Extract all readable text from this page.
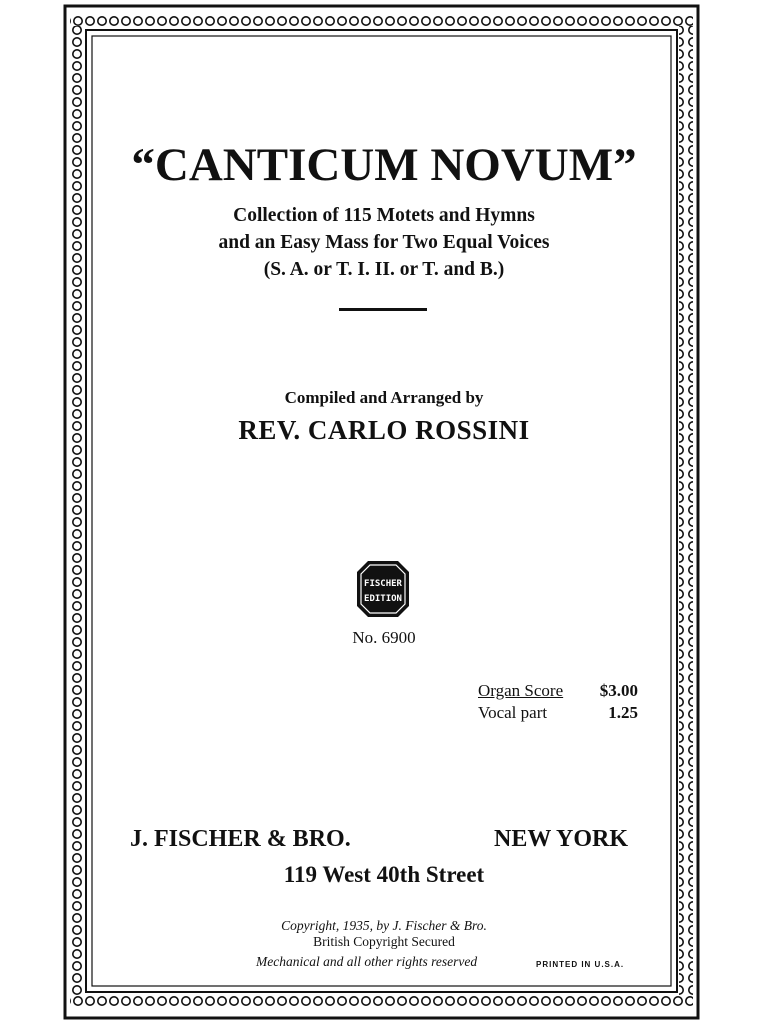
“CANTICUM NOVUM”
Collection of 115 Motets and Hymns
and an Easy Mass for Two Equal Voices
(S. A. or T. I. II. or T. and B.)
Compiled and Arranged by
REV. CARLO ROSSINI
FISCHER
EDITION
No. 6900
Organ Score $3.00
Vocal part	1.25
J. FISCHER & BRO.	NEW YORK
119 West 40th Street
Copyright, 1935, by J. Fischer & Bro.
British Copyright Secured
Mechanical and all other rights reserved	PRINTED IN U.S.A.
